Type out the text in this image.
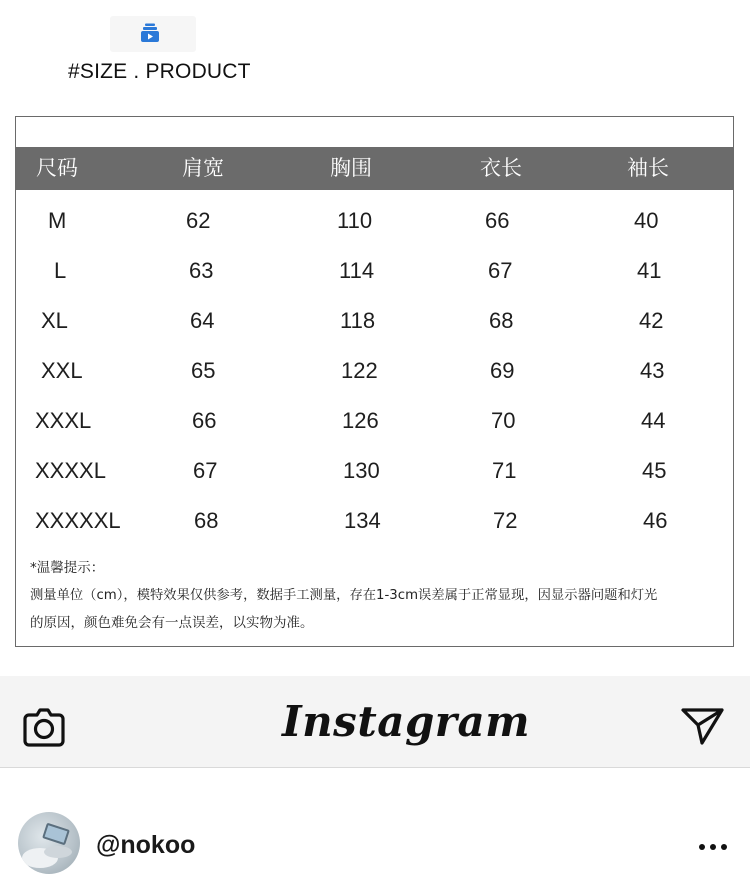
#SIZE . PRODUCT
尺码	肩宽	胸围	衣长	袖长
M	62	110	66	40
L	63	114	67	41
XL	64	118	68	42
XXL	65	122	69	43
XXXL	66	126	70	44
XXXXL	67	130	71	45
XXXXXL	68	134	72	46
*温馨提示：
测量单位（cm），模特效果仅供参考，数据手工测量，存在1-3cm误差属于正常显现，因显示器问题和灯光
的原因，颜色难免会有一点误差，以实物为准。
Instagram
@nokoo
